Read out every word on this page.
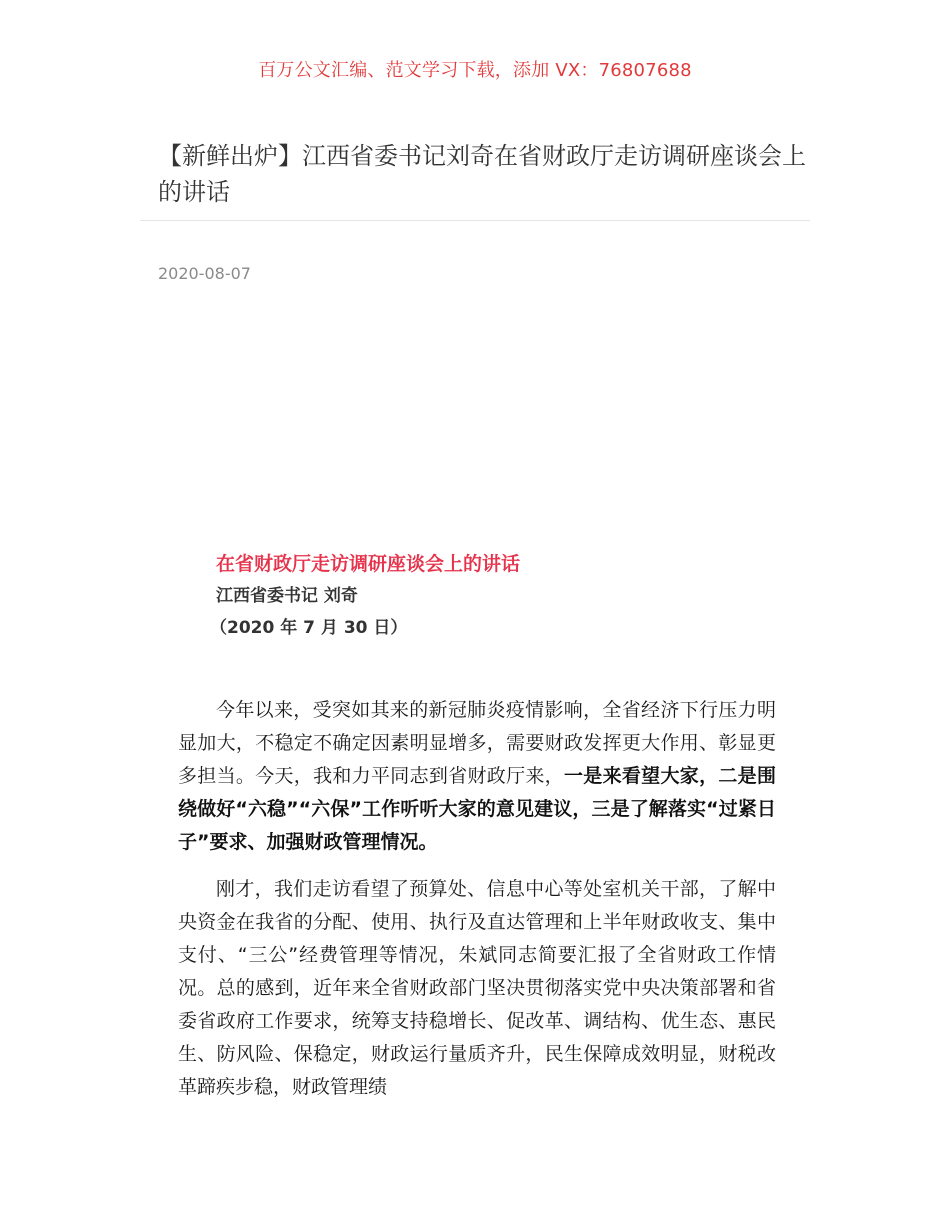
百万公文汇编、范文学习下载，添加 VX：76807688
【新鲜出炉】江西省委书记刘奇在省财政厅走访调研座谈会上的讲话
2020-08-07
在省财政厅走访调研座谈会上的讲话
江西省委书记 刘奇
（2020 年 7 月 30 日）

今年以来，受突如其来的新冠肺炎疫情影响，全省经济下行压力明显加大，不稳定不确定因素明显增多，需要财政发挥更大作用、彰显更多担当。今天，我和力平同志到省财政厅来，一是来看望大家，二是围绕做好“六稳”“六保”工作听听大家的意见建议，三是了解落实“过紧日子”要求、加强财政管理情况。

刚才，我们走访看望了预算处、信息中心等处室机关干部，了解中央资金在我省的分配、使用、执行及直达管理和上半年财政收支、集中支付、“三公”经费管理等情况，朱斌同志简要汇报了全省财政工作情况。总的感到，近年来全省财政部门坚决贯彻落实党中央决策部署和省委省政府工作要求，统筹支持稳增长、促改革、调结构、优生态、惠民生、防风险、保稳定，财政运行量质齐升，民生保障成效明显，财税改革蹄疾步稳，财政管理绩
